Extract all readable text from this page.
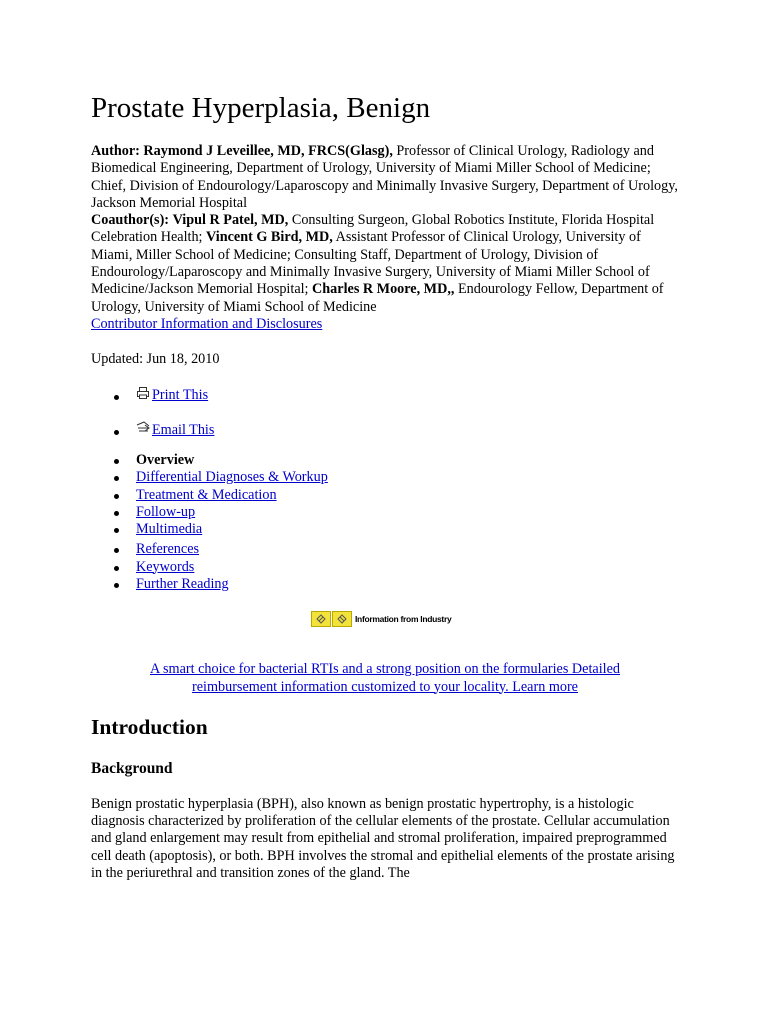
Prostate Hyperplasia, Benign

Author: Raymond J Leveillee, MD, FRCS(Glasg), Professor of Clinical Urology, Radiology and Biomedical Engineering, Department of Urology, University of Miami Miller School of Medicine; Chief, Division of Endourology/Laparoscopy and Minimally Invasive Surgery, Department of Urology, Jackson Memorial Hospital
Coauthor(s): Vipul R Patel, MD, Consulting Surgeon, Global Robotics Institute, Florida Hospital Celebration Health; Vincent G Bird, MD, Assistant Professor of Clinical Urology, University of Miami, Miller School of Medicine; Consulting Staff, Department of Urology, Division of Endourology/Laparoscopy and Minimally Invasive Surgery, University of Miami Miller School of Medicine/Jackson Memorial Hospital; Charles R Moore, MD,, Endourology Fellow, Department of Urology, University of Miami School of Medicine
Contributor Information and Disclosures

Updated: Jun 18, 2010

Print This
Email This
Overview
Differential Diagnoses & Workup
Treatment & Medication
Follow-up
Multimedia
References
Keywords
Further Reading
Information from Industry

A smart choice for bacterial RTIs and a strong position on the formularies Detailed reimbursement information customized to your locality. Learn more

Introduction
Background

Benign prostatic hyperplasia (BPH), also known as benign prostatic hypertrophy, is a histologic diagnosis characterized by proliferation of the cellular elements of the prostate. Cellular accumulation and gland enlargement may result from epithelial and stromal proliferation, impaired preprogrammed cell death (apoptosis), or both. BPH involves the stromal and epithelial elements of the prostate arising in the periurethral and transition zones of the gland. The
